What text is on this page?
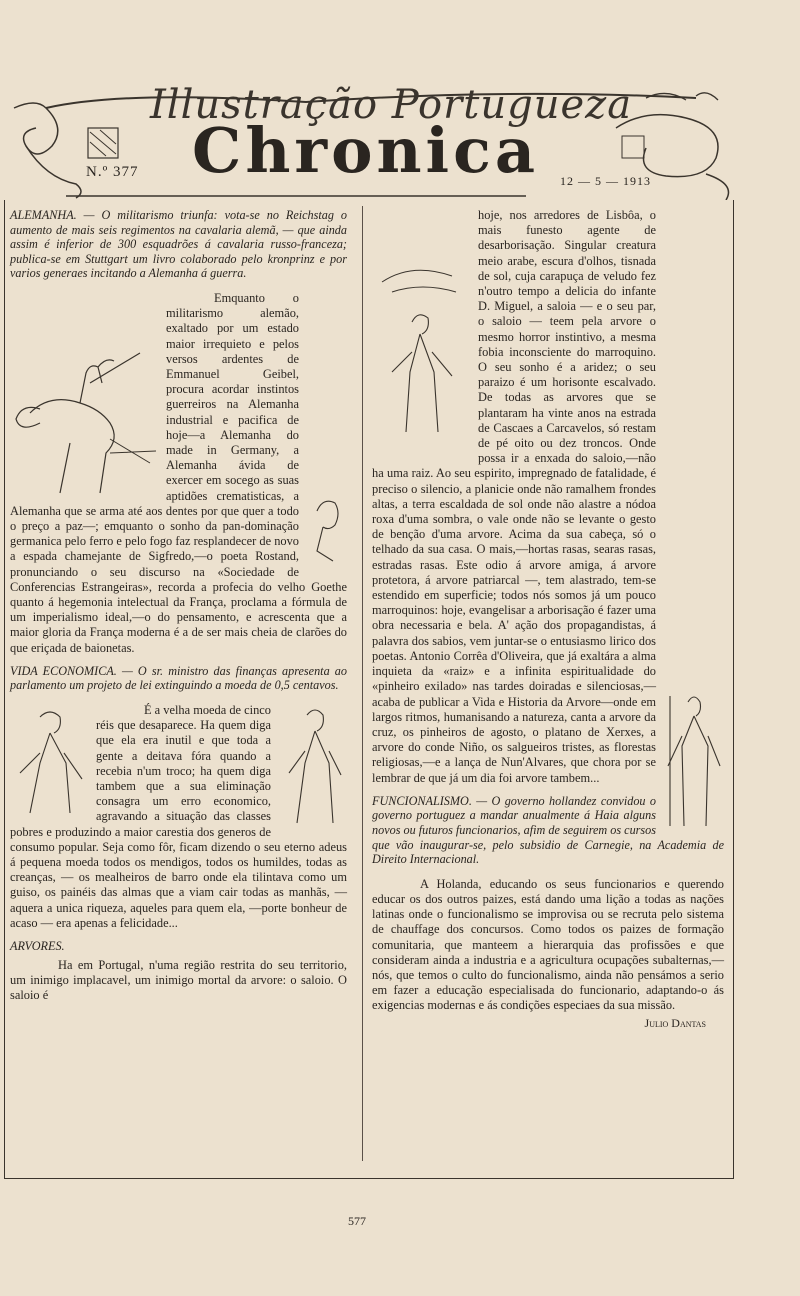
Illustração Portugueza
Chronica
N.º 377
12 — 5 — 1913

ALEMANHA. — O militarismo triunfa: vota-se no Reichstag o aumento de mais seis regimentos na cavalaria alemã, — que ainda assim é inferior de 300 esquadrões á cavalaria russo-franceza; publica-se em Stuttgart um livro colaborado pelo kronprinz e por varios generaes incitando a Alemanha á guerra.

Emquanto o militarismo alemão, exaltado por um estado maior irrequieto e pelos versos ardentes de Emmanuel Geibel, procura acordar instintos guerreiros na Alemanha industrial e pacifica de hoje—a Alemanha do made in Germany, a Alemanha ávida de exercer em socego as suas aptidões crematisticas, a Alemanha que se arma até aos dentes por que quer a todo o preço a paz—; emquanto o sonho da pan-dominação germanica pelo ferro e pelo fogo faz resplandecer de novo a espada chamejante de Sigfredo,—o poeta Rostand, pronunciando o seu discurso na «Sociedade de Conferencias Estrangeiras», recorda a profecia do velho Goethe quanto á hegemonia intelectual da França, proclama a fórmula de um imperialismo ideal,—o do pensamento, e acrescenta que a maior gloria da França moderna é a de ser mais cheia de clarões do que eriçada de baionetas.

VIDA ECONOMICA. — O sr. ministro das finanças apresenta ao parlamento um projeto de lei extinguindo a moeda de 0,5 centavos.

É a velha moeda de cinco réis que desaparece. Ha quem diga que ela era inutil e que toda a gente a deitava fóra quando a recebia n'um troco; ha quem diga tambem que a sua eliminação consagra um erro economico, agravando a situação das classes pobres e produzindo a maior carestia dos generos de consumo popular. Seja como fôr, ficam dizendo o seu eterno adeus á pequena moeda todos os mendigos, todos os humildes, todas as creanças, — os mealheiros de barro onde ela tilintava como um guiso, os painéis das almas que a viam cair todas as manhãs, —aquera a unica riqueza, aqueles para quem ela, —porte bonheur de acaso — era apenas a felicidade...

ARVORES.

Ha em Portugal, n'uma região restrita do seu territorio, um inimigo implacavel, um inimigo mortal da arvore: o saloio. O saloio é

hoje, nos arredores de Lisbôa, o mais funesto agente de desarborisação. Singular creatura meio arabe, escura d'olhos, tisnada de sol, cuja carapuça de veludo fez n'outro tempo a delicia do infante D. Miguel, a saloia — e o seu par, o saloio — teem pela arvore o mesmo horror instintivo, a mesma fobia inconsciente do marroquino. O seu sonho é a aridez; o seu paraizo é um horisonte escalvado. De todas as arvores que se plantaram ha vinte anos na estrada de Cascaes a Carcavelos, só restam de pé oito ou dez troncos. Onde possa ir a enxada do saloio,—não ha uma raiz. Ao seu espirito, impregnado de fatalidade, é preciso o silencio, a planicie onde não ramalhem frondes altas, a terra escaldada de sol onde não alastre a nódoa roxa d'uma sombra, o vale onde não se levante o gesto de benção d'uma arvore. Acima da sua cabeça, só o telhado da sua casa. O mais,—hortas rasas, searas rasas, estradas rasas. Este odio á arvore amiga, á arvore protetora, á arvore patriarcal —, tem alastrado, tem-se estendido em superficie; todos nós somos já um pouco marroquinos: hoje, evangelisar a arborisação é fazer uma obra necessaria e bela. A' ação dos propagandistas, á palavra dos sabios, vem juntar-se o entusiasmo lirico dos poetas. Antonio Corrêa d'Oliveira, que já exaltára a alma inquieta da «raiz» e a infinita espiritualidade do «pinheiro exilado» nas tardes doiradas e silenciosas,—acaba de publicar a Vida e Historia da Arvore—onde em largos ritmos, humanisando a natureza, canta a arvore da cruz, os pinheiros de agosto, o platano de Xerxes, a arvore do conde Niño, os salgueiros tristes, as florestas religiosas,—e a lança de Nun'Alvares, que chora por se lembrar de que já um dia foi arvore tambem...

FUNCIONALISMO. — O governo hollandez convidou o governo portuguez a mandar anualmente á Haia alguns novos ou futuros funcionarios, afim de seguirem os cursos que vão inaugurar-se, pelo subsidio de Carnegie, na Academia de Direito Internacional.

A Holanda, educando os seus funcionarios e querendo educar os dos outros paizes, está dando uma lição a todas as nações latinas onde o funcionalismo se improvisa ou se recruta pelo sistema de chauffage dos concursos. Como todos os paizes de formação comunitaria, que manteem a hierarquia das profissões e que consideram ainda a industria e a agricultura ocupações subalternas,—nós, que temos o culto do funcionalismo, ainda não pensámos a serio em fazer a educação especialisada do funcionario, adaptando-o ás exigencias modernas e ás condições especiaes da sua missão.

Julio Dantas
577
